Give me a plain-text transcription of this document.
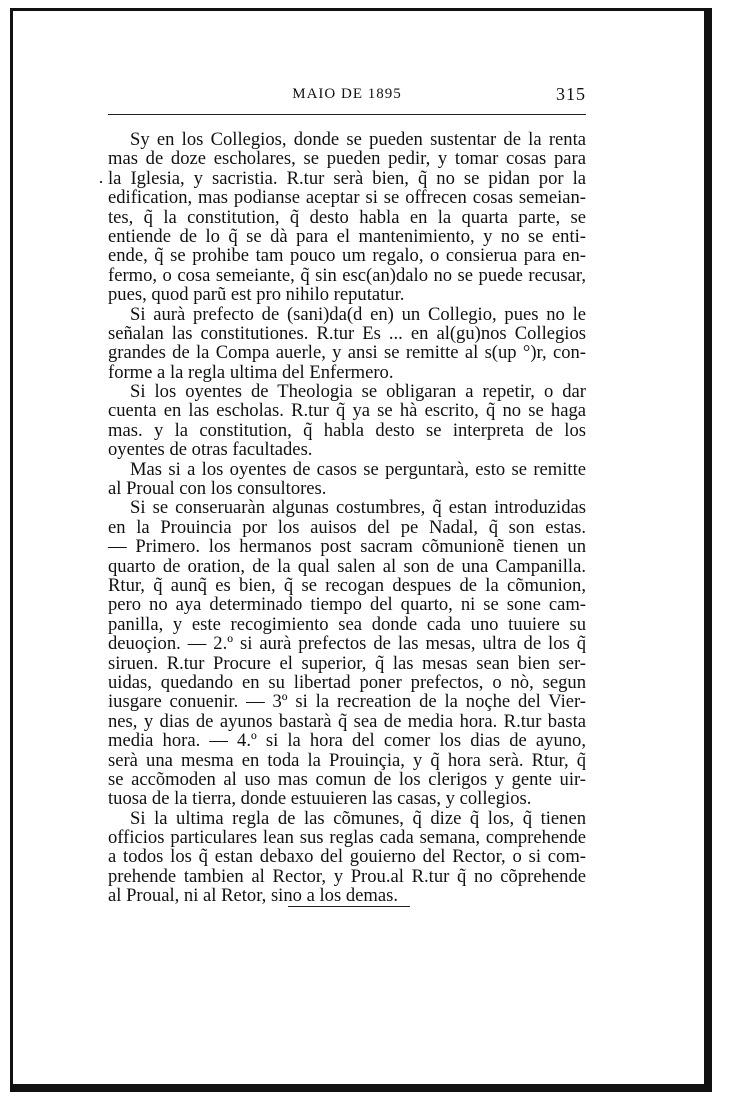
MAIO DE 1895	315
·
Sy en los Collegios, donde se pueden sustentar de la renta
mas de doze escholares, se pueden pedir, y tomar cosas para
la Iglesia, y sacristia. R.tur serà bien, q̃ no se pidan por la
edification, mas podianse aceptar si se offrecen cosas semeian-
tes, q̃ la constitution, q̃ desto habla en la quarta parte, se
entiende de lo q̃ se dà para el mantenimiento, y no se enti-
ende, q̃ se prohibe tam pouco um regalo, o consierua para en-
fermo, o cosa semeiante, q̃ sin esc(an)dalo no se puede recusar,
pues, quod parũ est pro nihilo reputatur.
Si aurà prefecto de (sani)da(d en) un Collegio, pues no le
señalan las constitutiones. R.tur Es ... en al(gu)nos Collegios
grandes de la Compa auerle, y ansi se remitte al s(up °)r, con-
forme a la regla ultima del Enfermero.
Si los oyentes de Theologia se obligaran a repetir, o dar
cuenta en las escholas. R.tur q̃ ya se hà escrito, q̃ no se haga
mas. y la constitution, q̃ habla desto se interpreta de los
oyentes de otras facultades.
Mas si a los oyentes de casos se perguntarà, esto se remitte
al Proual con los consultores.
Si se conseruaràn algunas costumbres, q̃ estan introduzidas
en la Prouincia por los auisos del pe Nadal, q̃ son estas.
— Primero. los hermanos post sacram cõmunionẽ tienen un
quarto de oration, de la qual salen al son de una Campanilla.
Rtur, q̃ aunq̃ es bien, q̃ se recogan despues de la cõmunion,
pero no aya determinado tiempo del quarto, ni se sone cam-
panilla, y este recogimiento sea donde cada uno tuuiere su
deuoçion. — 2.º si aurà prefectos de las mesas, ultra de los q̃
siruen. R.tur Procure el superior, q̃ las mesas sean bien ser-
uidas, quedando en su libertad poner prefectos, o nò, segun
iusgare conuenir. — 3º si la recreation de la noçhe del Vier-
nes, y dias de ayunos bastarà q̃ sea de media hora. R.tur basta
media hora. — 4.º si la hora del comer los dias de ayuno,
serà una mesma en toda la Prouinçia, y q̃ hora serà. Rtur, q̃
se accõmoden al uso mas comun de los clerigos y gente uir-
tuosa de la tierra, donde estuuieren las casas, y collegios.
Si la ultima regla de las cõmunes, q̃ dize q̃ los, q̃ tienen
officios particulares lean sus reglas cada semana, comprehende
a todos los q̃ estan debaxo del gouierno del Rector, o si com-
prehende tambien al Rector, y Prou.al R.tur q̃ no cõprehende
al Proual, ni al Retor, sino a los demas.
